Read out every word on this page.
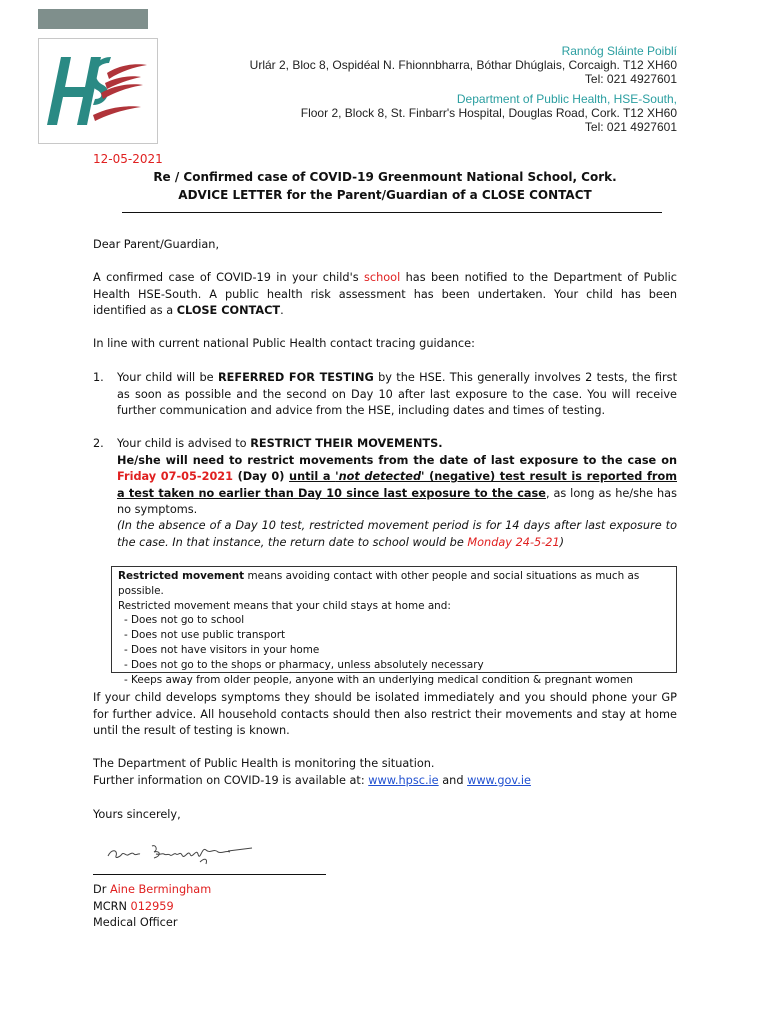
Rannóg Sláinte Poiblí
Urlár 2, Bloc 8, Ospidéal N. Fhionnbharra, Bóthar Dhúglais, Corcaigh. T12 XH60
Tel: 021 4927601
Department of Public Health, HSE-South,
Floor 2, Block 8, St. Finbarr's Hospital, Douglas Road, Cork. T12 XH60
Tel: 021 4927601
12-05-2021
Re / Confirmed case of COVID-19 Greenmount National School, Cork.
ADVICE LETTER for the Parent/Guardian of a CLOSE CONTACT
Dear Parent/Guardian,
A confirmed case of COVID-19 in your child's school has been notified to the Department of Public Health HSE-South. A public health risk assessment has been undertaken. Your child has been identified as a CLOSE CONTACT.
In line with current national Public Health contact tracing guidance:
1.	Your child will be REFERRED FOR TESTING by the HSE. This generally involves 2 tests, the first as soon as possible and the second on Day 10 after last exposure to the case. You will receive further communication and advice from the HSE, including dates and times of testing.
2.	Your child is advised to RESTRICT THEIR MOVEMENTS.
He/she will need to restrict movements from the date of last exposure to the case on Friday 07-05-2021 (Day 0) until a 'not detected' (negative) test result is reported from a test taken no earlier than Day 10 since last exposure to the case, as long as he/she has no symptoms.
(In the absence of a Day 10 test, restricted movement period is for 14 days after last exposure to the case. In that instance, the return date to school would be Monday 24-5-21)
Restricted movement means avoiding contact with other people and social situations as much as possible.
Restricted movement means that your child stays at home and:
- Does not go to school
- Does not use public transport
- Does not have visitors in your home
- Does not go to the shops or pharmacy, unless absolutely necessary
- Keeps away from older people, anyone with an underlying medical condition & pregnant women
If your child develops symptoms they should be isolated immediately and you should phone your GP for further advice. All household contacts should then also restrict their movements and stay at home until the result of testing is known.
The Department of Public Health is monitoring the situation.
Further information on COVID-19 is available at: www.hpsc.ie and www.gov.ie
Yours sincerely,
Dr Aine Bermingham
MCRN 012959
Medical Officer
